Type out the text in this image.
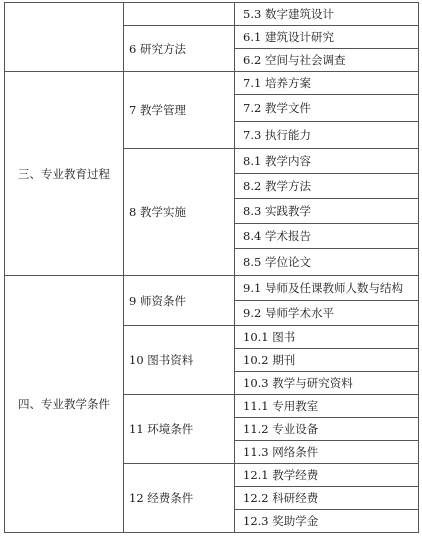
		5.3 数字建筑设计
	6 研究方法	6.1 建筑设计研究
		6.2 空间与社会调查
三、专业教育过程	7 教学管理	7.1 培养方案
		7.2 教学文件
		7.3 执行能力
	8 教学实施	8.1 教学内容
		8.2 教学方法
		8.3 实践教学
		8.4 学术报告
		8.5 学位论文
四、专业教学条件	9 师资条件	9.1 导师及任课教师人数与结构
		9.2 导师学术水平
	10 图书资料	10.1 图书
		10.2 期刊
		10.3 教学与研究资料
	11 环境条件	11.1 专用教室
		11.2 专业设备
		11.3 网络条件
	12 经费条件	12.1 教学经费
		12.2 科研经费
		12.3 奖助学金
